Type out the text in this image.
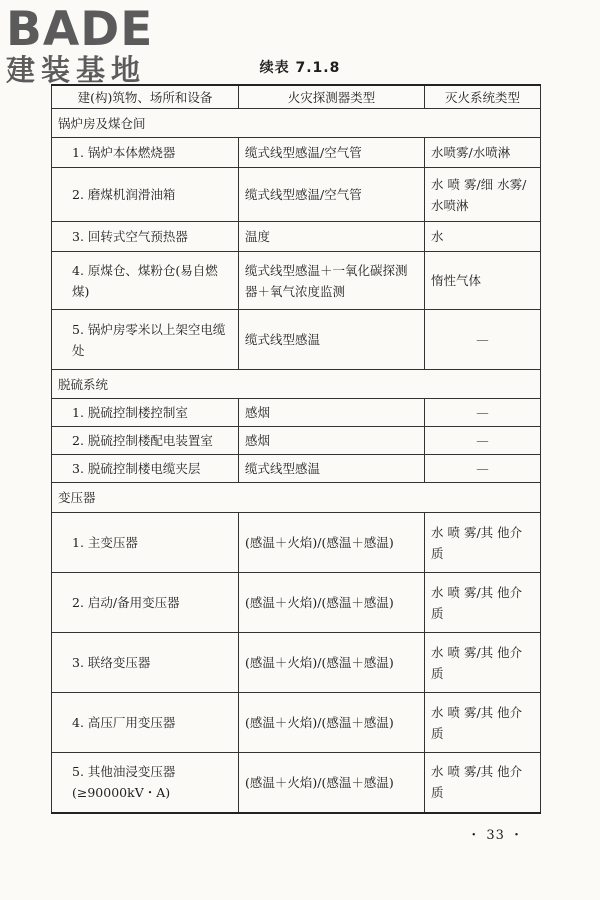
BADE
建装基地	续表 7.1.8
建(构)筑物、场所和设备	火灾探测器类型	灭火系统类型
锅炉房及煤仓间		
1. 锅炉本体燃烧器	缆式线型感温/空气管	水喷雾/水喷淋
2. 磨煤机润滑油箱	缆式线型感温/空气管	水 喷 雾/细 水雾/水喷淋
3. 回转式空气预热器	温度	水
4. 原煤仓、煤粉仓(易自燃煤)	缆式线型感温＋一氧化碳探测器＋氧气浓度监测	惰性气体
5. 锅炉房零米以上架空电缆处	缆式线型感温	—
脱硫系统		
1. 脱硫控制楼控制室	感烟	—
2. 脱硫控制楼配电装置室	感烟	—
3. 脱硫控制楼电缆夹层	缆式线型感温	—
变压器		
1. 主变压器	(感温＋火焰)/(感温＋感温)	水 喷 雾/其 他介质
2. 启动/备用变压器	(感温＋火焰)/(感温＋感温)	水 喷 雾/其 他介质
3. 联络变压器	(感温＋火焰)/(感温＋感温)	水 喷 雾/其 他介质
4. 高压厂用变压器	(感温＋火焰)/(感温＋感温)	水 喷 雾/其 他介质
5. 其他油浸变压器(≥90000kV・A)	(感温＋火焰)/(感温＋感温)	水 喷 雾/其 他介质
・ 33 ・
